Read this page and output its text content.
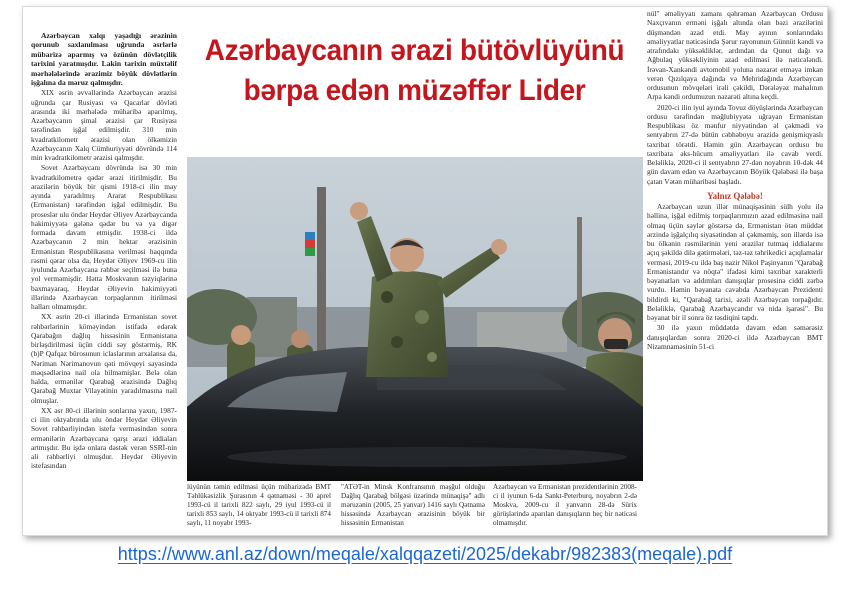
Azərbaycan xalqı yaşadığı ərazinin qorunub saxlanılması uğrunda əsrlərlə mübarizə aparmış və özünün dövlətçilik tarixini yaratmışdır. Lakin tarixin müxtəlif mərhələlərində ərazimiz böyük dövlətlərin işğalına da məruz qalmışdır.

XIX əsrin əvvəllərində Azərbaycan ərazisi uğrunda çar Rusiyası və Qacarlar dövləti arasında iki mərhələdə müharibə aparılmış, Azərbaycanın şimal ərazisi çar Rusiyası tərəfindən işğal edilmişdir. 310 min kvadratkilometr ərazisi olan ölkəmizin Azərbaycanın Xalq Cümhuriyyəti dövründə 114 min kvadratkilometr ərazisi qalmışdır.

Sovet Azərbaycanı dövründə isə 30 min kvadratkilometrə qədər ərazi itirilmişdir. Bu ərazilərin böyük bir qismi 1918-ci ilin may ayında yaradılmış Ararat Respublikası (Ermənistan) tərəfindən işğal edilmişdir. Bu proseslər ulu öndər Heydər Əliyev Azərbaycanda hakimiyyətə gələnə qədər bu və ya digər formada davam etmişdir. 1938-ci ildə Azərbaycanın 2 min hektar ərazisinin Ermənistan Respublikasına verilməsi haqqında rəsmi qərar olsa da, Heydər Əliyev 1969-cu ilin iyulunda Azərbaycana rəhbər seçilməsi ilə buna yol verməmişdir. Hətta Moskvanın təzyiqlərinə baxmayaraq, Heydər Əliyevin hakimiyyəti illərində Azərbaycan torpaqlarının itirilməsi halları olmamışdır.

XX əsrin 20-ci illərində Ermənistan sovet rəhbərlərinin köməyindən istifadə edərək Qarabağın dağlıq hissəsinin Ermənistana birləşdirilməsi üçün ciddi səy göstərmiş, RK (b)P Qafqaz bürosunun iclaslarının arxalansa da, Nəriman Nərimanovun qəti mövqeyi sayəsində məqsədlərinə nail ola bilməmişlər. Belə olan halda, ermənilər Qarabağ ərazisində Dağlıq Qarabağ Muxtar Vilayətinin yaradılmasına nail olmuşlar.

XX əsr 80-ci illərinin sonlarına yaxın, 1987-ci ilin oktyabrında ulu öndər Heydər Əliyevin Sovet rəhbərliyindən istefa verməsindən sonra ermənilərin Azərbaycana qarşı ərazi iddiaları artmışdır. Bu işdə onlara dəstək verən SSRİ-nin ali rəhbərliyi olmuşdur. Heydər Əliyevin istefasından

Azərbaycanın ərazi bütövlüyünü
bərpa edən müzəffər Lider
lüyünün təmin edilməsi üçün mübarizədə BMT Təhlükəsizlik Şurasının 4 qətnaməsi - 30 aprel 1993-cü il tarixli 822 saylı, 29 iyul 1993-cü il tarixli 853 saylı, 14 oktyabr 1993-cü il tarixli 874 saylı, 11 noyabr 1993-
"ATƏT-in Minsk Konfransının məşğul olduğu Dağlıq Qarabağ bölgəsi üzərində münaqişə" adlı məruzənin (2005, 25 yanvar) 1416 saylı Qətnamə hissəsində Azərbaycan ərazisinin böyük bir hissəsinin Ermənistan
Azərbaycan və Ermənistan prezidentlərinin 2008-ci il iyunun 6-da Sankt-Peterburq, noyabrın 2-də Moskva, 2009-cu il yanvarın 28-də Sürix görüşlərində aparılan danışıqların heç bir nəticəsi olmamışdır.

nül" əməliyyatı zamanı qəhrəman Azərbaycan Ordusu Naxçıvanın erməni işğalı altında olan bəzi ərazilərini düşməndən azad etdi. May ayının sonlarındakı əməliyyatlar nəticəsində Şərur rayonunun Günnüt kəndi və ətrafındakı yüksəkliklər, ardından da Qunut dağı və Ağbulaq yüksəkliyinin azad edilməsi ilə nəticələndi. İrəvan-Xankəndi avtomobil yoluna nəzarət etməyə imkan verən Qızılqaya dağında və Mehridağında Azərbaycan ordusunun mövqeləri irəli çəkildi, Dərələyəz mahalının Arpa kəndi ordumuzun nəzarəti altına keçdi.

2020-ci ilin iyul ayında Tovuz döyüşlərində Azərbaycan ordusu tərəfindən məğlubiyyətə uğrayan Ermənistan Respublikası öz mənfur niyyətindən əl çəkmədi və sentyabrın 27-də bütün cəbhəboyu ərazidə genişmiqyaslı təxribat törətdi. Həmin gün Azərbaycan ordusu bu təxribata əks-hücum əməliyyatları ilə cavab verdi. Beləliklə, 2020-ci il sentyabrın 27-dən noyabrın 10-dək 44 gün davam edən və Azərbaycanın Böyük Qələbəsi ilə başa çatan Vətən müharibəsi başladı.

Yalnız Qələbə!

Azərbaycan uzun illər münaqişəsinin sülh yolu ilə həllinə, işğal edilmiş torpaqlarımızın azad edilməsinə nail olmaq üçün səylər göstərsə də, Ermənistan ötən müddət ərzində işğalçılıq siyasətindən əl çəkməmiş, son illərdə isə bu ölkənin rəsmilərinin yeni ərazilər tutmaq iddialarını açıq şəkildə dilə gətirmələri, təz-təz təhrikedici açıqlamalar verməsi, 2019-cu ildə baş nazir Nikol Paşinyanın "Qarabağ Ermənistandır və nöqtə" ifadəsi kimi təxribat xarakterli bəyanatları və addımları danışıqlar prosesinə ciddi zərbə vurdu. Həmin bəyanata cavabda Azərbaycan Prezidenti bildirdi ki, "Qarabağ tarixi, əzəli Azərbaycan torpağıdır. Beləliklə, Qarabağ Azərbaycandır və nida işarəsi". Bu bəyanat bir il sonra öz təsdiqini tapdı.

30 ilə yaxın müddətdə davam edən səmərəsiz danışıqlardan sonra 2020-ci ildə Azərbaycan BMT Nizamnaməsinin 51-ci

https://www.anl.az/down/meqale/xalqqazeti/2025/dekabr/982383(meqale).pdf
